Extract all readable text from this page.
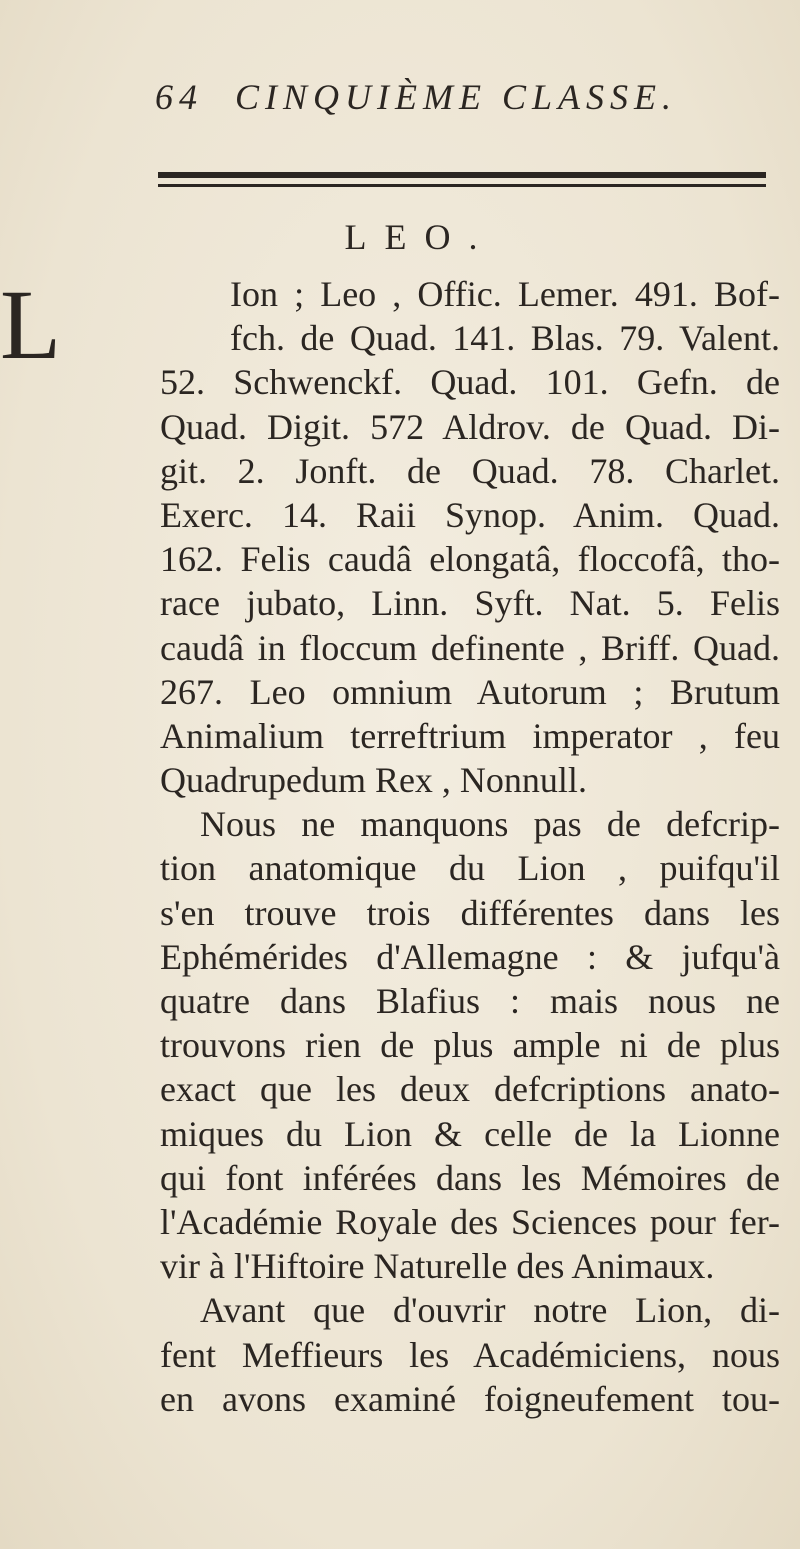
64 CINQUIÈME CLASSE.
LEO.
L	Ion ; Leo , Offic. Lemer. 491. Bof-
fch. de Quad. 141. Blas. 79. Valent.
52. Schwenckf. Quad. 101. Gefn. de
Quad. Digit. 572 Aldrov. de Quad. Di-
git. 2. Jonft. de Quad. 78. Charlet.
Exerc. 14. Raii Synop. Anim. Quad.
162. Felis caudâ elongatâ, floccofâ, tho-
race jubato, Linn. Syft. Nat. 5. Felis
caudâ in floccum definente , Briff. Quad.
267. Leo omnium Autorum ; Brutum
Animalium terreftrium imperator , feu
Quadrupedum Rex , Nonnull.
Nous ne manquons pas de defcrip-
tion anatomique du Lion , puifqu'il
s'en trouve trois différentes dans les
Ephémérides d'Allemagne : & jufqu'à
quatre dans Blafius : mais nous ne
trouvons rien de plus ample ni de plus
exact que les deux defcriptions anato-
miques du Lion & celle de la Lionne
qui font inférées dans les Mémoires de
l'Académie Royale des Sciences pour fer-
vir à l'Hiftoire Naturelle des Animaux.
Avant que d'ouvrir notre Lion, di-
fent Meffieurs les Académiciens, nous
en avons examiné foigneufement tou-
